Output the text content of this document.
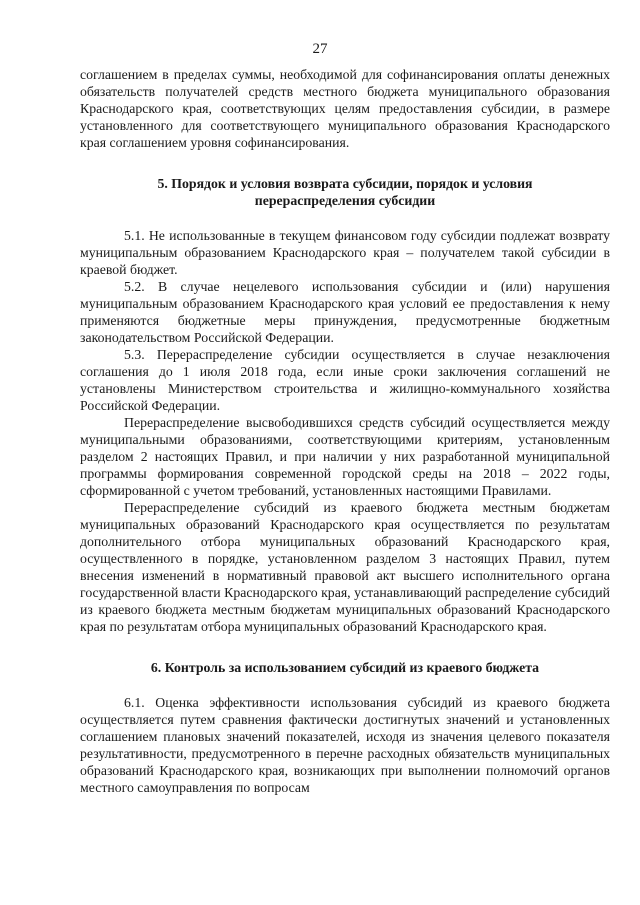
27

соглашением в пределах суммы, необходимой для софинансирования оплаты денежных обязательств получателей средств местного бюджета муниципального образования Краснодарского края, соответствующих целям предоставления субсидии, в размере установленного для соответствующего муниципального образования Краснодарского края соглашением уровня софинансирования.

5. Порядок и условия возврата субсидии, порядок и условия

перераспределения субсидии

5.1. Не использованные в текущем финансовом году субсидии подлежат возврату муниципальным образованием Краснодарского края – получателем такой субсидии в краевой бюджет.

5.2. В случае нецелевого использования субсидии и (или) нарушения муниципальным образованием Краснодарского края условий ее предоставления к нему применяются бюджетные меры принуждения, предусмотренные бюджетным законодательством Российской Федерации.

5.3. Перераспределение субсидии осуществляется в случае незаключения соглашения до 1 июля 2018 года, если иные сроки заключения соглашений не установлены Министерством строительства и жилищно-коммунального хозяйства Российской Федерации.

Перераспределение высвободившихся средств субсидий осуществляется между муниципальными образованиями, соответствующими критериям, установленным разделом 2 настоящих Правил, и при наличии у них разработанной муниципальной программы формирования современной городской среды на 2018 – 2022 годы, сформированной с учетом требований, установленных настоящими Правилами.

Перераспределение субсидий из краевого бюджета местным бюджетам муниципальных образований Краснодарского края осуществляется по результатам дополнительного отбора муниципальных образований Краснодарского края, осуществленного в порядке, установленном разделом 3 настоящих Правил, путем внесения изменений в нормативный правовой акт высшего исполнительного органа государственной власти Краснодарского края, устанавливающий распределение субсидий из краевого бюджета местным бюджетам муниципальных образований Краснодарского края по результатам отбора муниципальных образований Краснодарского края.

6. Контроль за использованием субсидий из краевого бюджета

6.1. Оценка эффективности использования субсидий из краевого бюджета осуществляется путем сравнения фактически достигнутых значений и установленных соглашением плановых значений показателей, исходя из значения целевого показателя результативности, предусмотренного в перечне расходных обязательств муниципальных образований Краснодарского края, возникающих при выполнении полномочий органов местного самоуправления по вопросам
